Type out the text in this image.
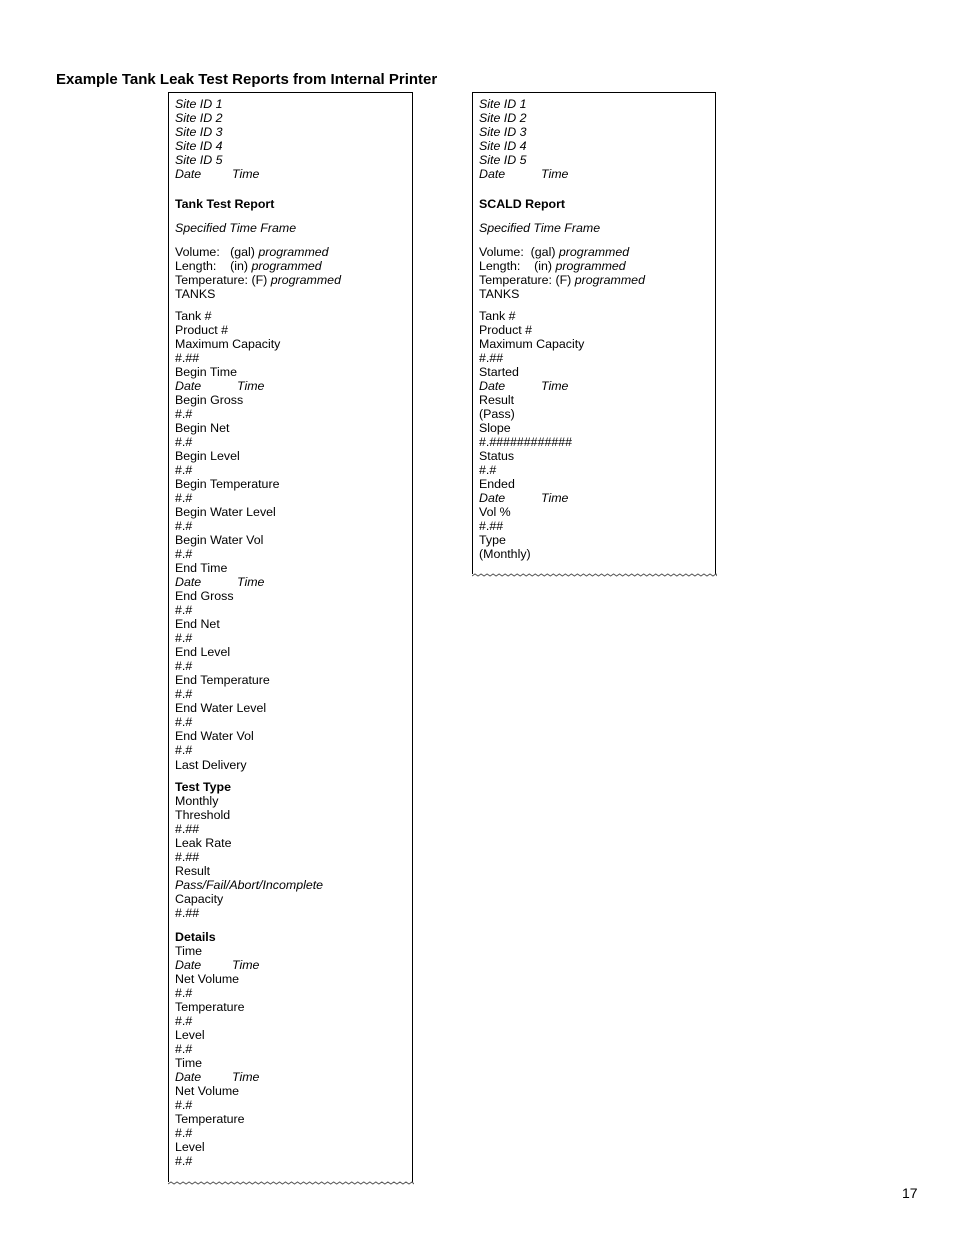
Example Tank Leak Test Reports from Internal Printer
Site ID 1
Site ID 2
Site ID 3
Site ID 4
Site ID 5
Date Time
Tank Test Report
Specified Time Frame
Volume:   (gal) programmed
Length:    (in) programmed
Temperature: (F) programmed
TANKS
Tank #
Product #
Maximum Capacity
#.##
Begin Time
Date	Time
Begin Gross
#.#
Begin Net
#.#
Begin Level
#.#
Begin Temperature
#.#
Begin Water Level
#.#
Begin Water Vol
#.#
End Time
Date	Time
End Gross
#.#
End Net
#.#
End Level
#.#
End Temperature
#.#
End Water Level
#.#
End Water Vol
#.#
Last Delivery
Test Type
Monthly
Threshold
#.##
Leak Rate
#.##
Result
Pass/Fail/Abort/Incomplete
Capacity
#.##
Details
Time
Date Time
Net Volume
#.#
Temperature
#.#
Level
#.#
Time
Date Time
Net Volume
#.#
Temperature
#.#
Level
#.#
Site ID 1
Site ID 2
Site ID 3
Site ID 4
Site ID 5
Date	Time
SCALD Report
Specified Time Frame
Volume:  (gal) programmed
Length:    (in) programmed
Temperature: (F) programmed
TANKS
Tank #
Product #
Maximum Capacity
#.##
Started
Date	Time
Result
(Pass)
Slope
#.############
Status
#.#
Ended
Date	Time
Vol %
#.##
Type
(Monthly)
17
